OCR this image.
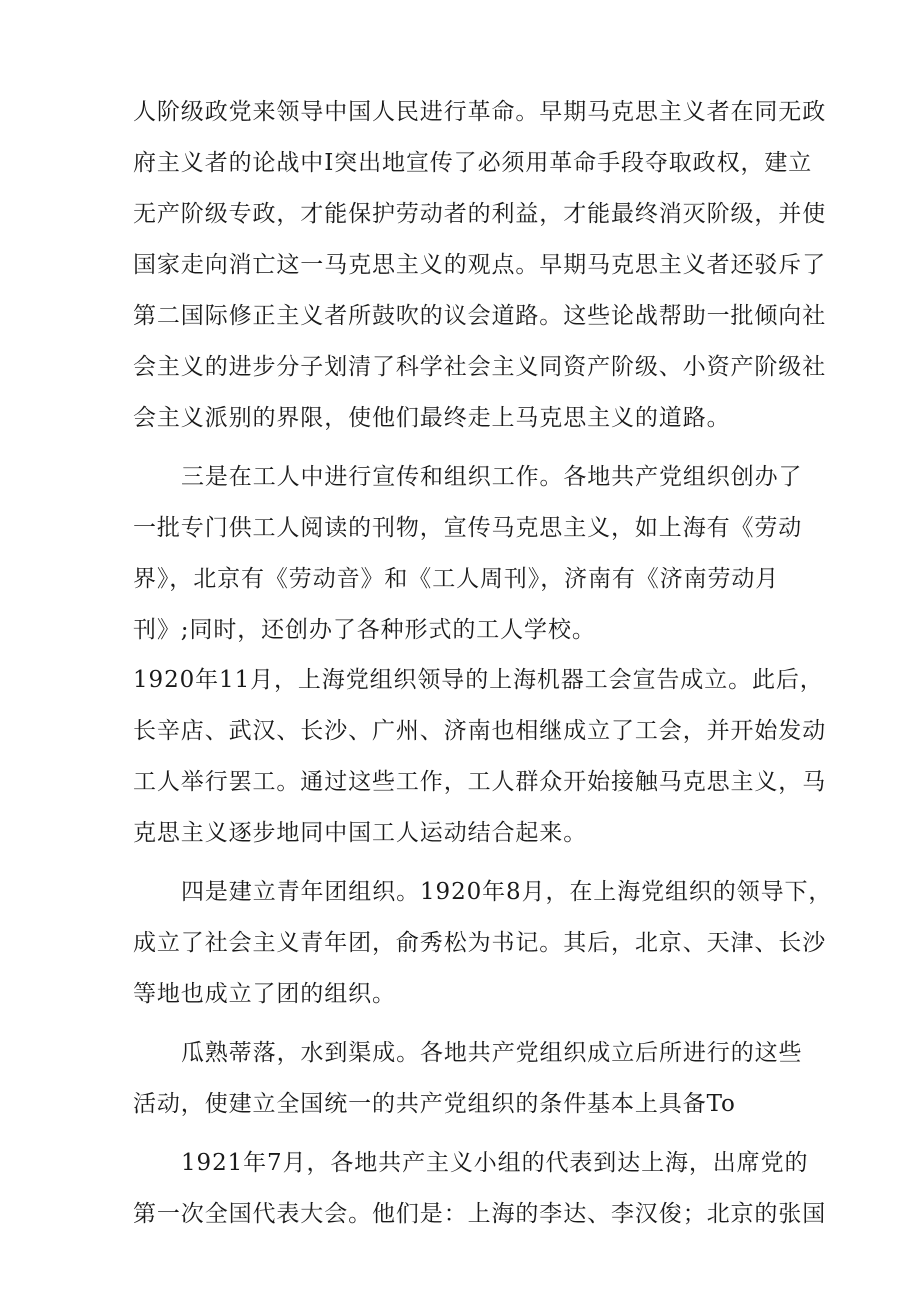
人阶级政党来领导中国人民进行革命。早期马克思主义者在同无政
府主义者的论战中I突出地宣传了必须用革命手段夺取政权，建立
无产阶级专政，才能保护劳动者的利益，才能最终消灭阶级，并使
国家走向消亡这一马克思主义的观点。早期马克思主义者还驳斥了
第二国际修正主义者所鼓吹的议会道路。这些论战帮助一批倾向社
会主义的进步分子划清了科学社会主义同资产阶级、小资产阶级社
会主义派别的界限，使他们最终走上马克思主义的道路。
三是在工人中进行宣传和组织工作。各地共产党组织创办了
一批专门供工人阅读的刊物，宣传马克思主义，如上海有《劳动
界》，北京有《劳动音》和《工人周刊》，济南有《济南劳动月
刊》;同时，还创办了各种形式的工人学校。
1920年11月，上海党组织领导的上海机器工会宣告成立。此后，
长辛店、武汉、长沙、广州、济南也相继成立了工会，并开始发动
工人举行罢工。通过这些工作，工人群众开始接触马克思主义，马
克思主义逐步地同中国工人运动结合起来。
四是建立青年团组织。1920年8月，在上海党组织的领导下，
成立了社会主义青年团，俞秀松为书记。其后，北京、天津、长沙
等地也成立了团的组织。
瓜熟蒂落，水到渠成。各地共产党组织成立后所进行的这些
活动，使建立全国统一的共产党组织的条件基本上具备To
1921年7月，各地共产主义小组的代表到达上海，出席党的
第一次全国代表大会。他们是：上海的李达、李汉俊；北京的张国
